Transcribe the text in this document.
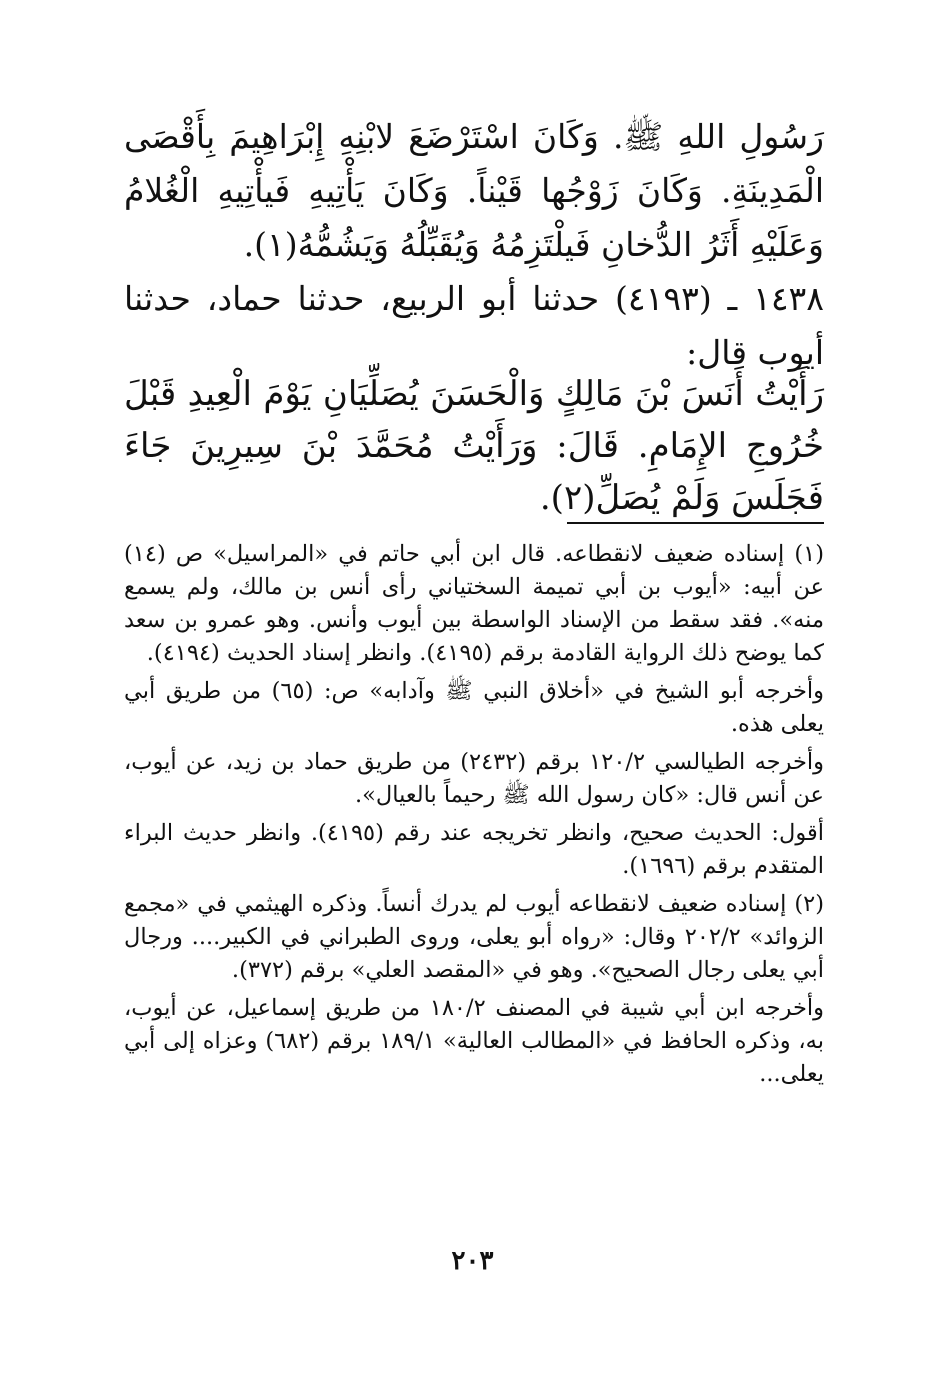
رَسُولِ اللهِ ﷺ. وَكَانَ اسْتَرْضَعَ لابْنِهِ إِبْرَاهِيمَ بِأَقْصَى الْمَدِينَةِ. وَكَانَ زَوْجُها قَيْناً. وَكَانَ يَأْتِيهِ فَيأْتِيهِ الْغُلامُ وَعَلَيْهِ أَثَرُ الدُّخانِ فَيلْتَزِمُهُ وَيُقَبِّلُهُ وَيَشُمُّهُ(١).
١٤٣٨ ـ (٤١٩٣) حدثنا أبو الربيع، حدثنا حماد، حدثنا أيوب قال:
رَأَيْتُ أَنَسَ بْنَ مَالِكٍ وَالْحَسَنَ يُصَلِّيَانِ يَوْمَ الْعِيدِ قَبْلَ خُرُوجِ الإِمَامِ. قَالَ: وَرَأَيْتُ مُحَمَّدَ بْنَ سِيرِينَ جَاءَ فَجَلَسَ وَلَمْ يُصَلِّ(٢).

(١) إسناده ضعيف لانقطاعه. قال ابن أبي حاتم في «المراسيل» ص (١٤) عن أبيه: «أيوب بن أبي تميمة السختياني رأى أنس بن مالك، ولم يسمع منه». فقد سقط من الإسناد الواسطة بين أيوب وأنس. وهو عمرو بن سعد كما يوضح ذلك الرواية القادمة برقم (٤١٩٥). وانظر إسناد الحديث (٤١٩٤).

وأخرجه أبو الشيخ في «أخلاق النبي ﷺ وآدابه» ص: (٦٥) من طريق أبي يعلى هذه.

وأخرجه الطيالسي ١٢٠/٢ برقم (٢٤٣٢) من طريق حماد بن زيد، عن أيوب، عن أنس قال: «كان رسول الله ﷺ رحيماً بالعيال».

أقول: الحديث صحيح، وانظر تخريجه عند رقم (٤١٩٥). وانظر حديث البراء المتقدم برقم (١٦٩٦).

(٢) إسناده ضعيف لانقطاعه أيوب لم يدرك أنساً. وذكره الهيثمي في «مجمع الزوائد» ٢٠٢/٢ وقال: «رواه أبو يعلى، وروى الطبراني في الكبير.... ورجال أبي يعلى رجال الصحيح». وهو في «المقصد العلي» برقم (٣٧٢).

وأخرجه ابن أبي شيبة في المصنف ١٨٠/٢ من طريق إسماعيل، عن أيوب، به، وذكره الحافظ في «المطالب العالية» ١٨٩/١ برقم (٦٨٢) وعزاه إلى أبي يعلى...

٢٠٣
